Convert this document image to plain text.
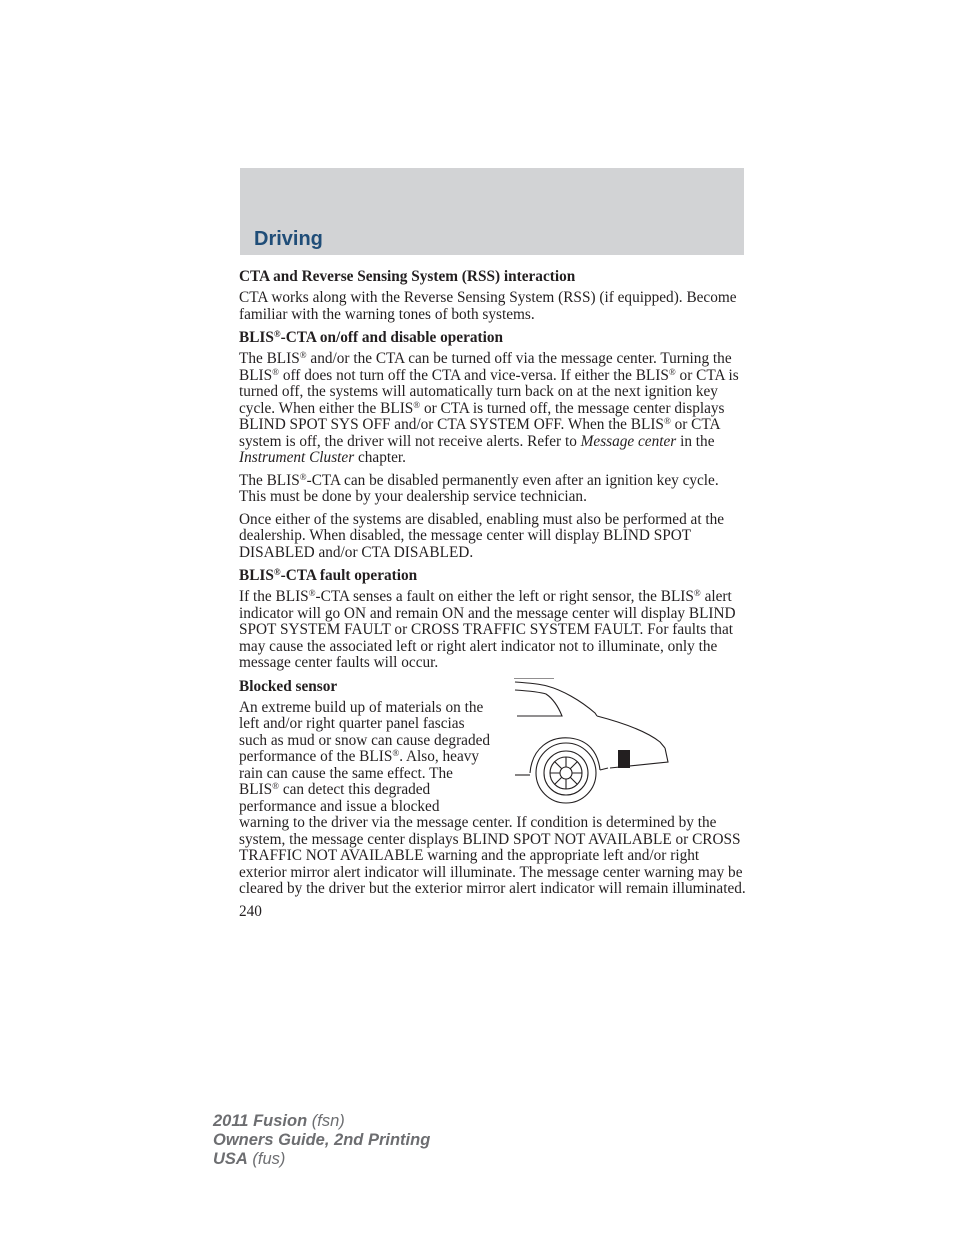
Driving
CTA and Reverse Sensing System (RSS) interaction

CTA works along with the Reverse Sensing System (RSS) (if equipped). Become familiar with the warning tones of both systems.

BLIS®-CTA on/off and disable operation

The BLIS® and/or the CTA can be turned off via the message center. Turning the BLIS® off does not turn off the CTA and vice-versa. If either the BLIS® or CTA is turned off, the systems will automatically turn back on at the next ignition key cycle. When either the BLIS® or CTA is turned off, the message center displays BLIND SPOT SYS OFF and/or CTA SYSTEM OFF. When the BLIS® or CTA system is off, the driver will not receive alerts. Refer to Message center in the Instrument Cluster chapter.

The BLIS®-CTA can be disabled permanently even after an ignition key cycle. This must be done by your dealership service technician.

Once either of the systems are disabled, enabling must also be performed at the dealership. When disabled, the message center will display BLIND SPOT DISABLED and/or CTA DISABLED.

BLIS®-CTA fault operation

If the BLIS®-CTA senses a fault on either the left or right sensor, the BLIS® alert indicator will go ON and remain ON and the message center will display BLIND SPOT SYSTEM FAULT or CROSS TRAFFIC SYSTEM FAULT. For faults that may cause the associated left or right alert indicator not to illuminate, only the message center faults will occur.

Blocked sensor

An extreme build up of materials on the left and/or right quarter panel fascias such as mud or snow can cause degraded performance of the BLIS®. Also, heavy rain can cause the same effect. The BLIS® can detect this degraded performance and issue a blocked warning to the driver via the message center. If condition is determined by the system, the message center displays BLIND SPOT NOT AVAILABLE or CROSS TRAFFIC NOT AVAILABLE warning and the appropriate left and/or right exterior mirror alert indicator will illuminate. The message center warning may be cleared by the driver but the exterior mirror alert indicator will remain illuminated.

240
2011 Fusion (fsn)
Owners Guide, 2nd Printing
USA (fus)
